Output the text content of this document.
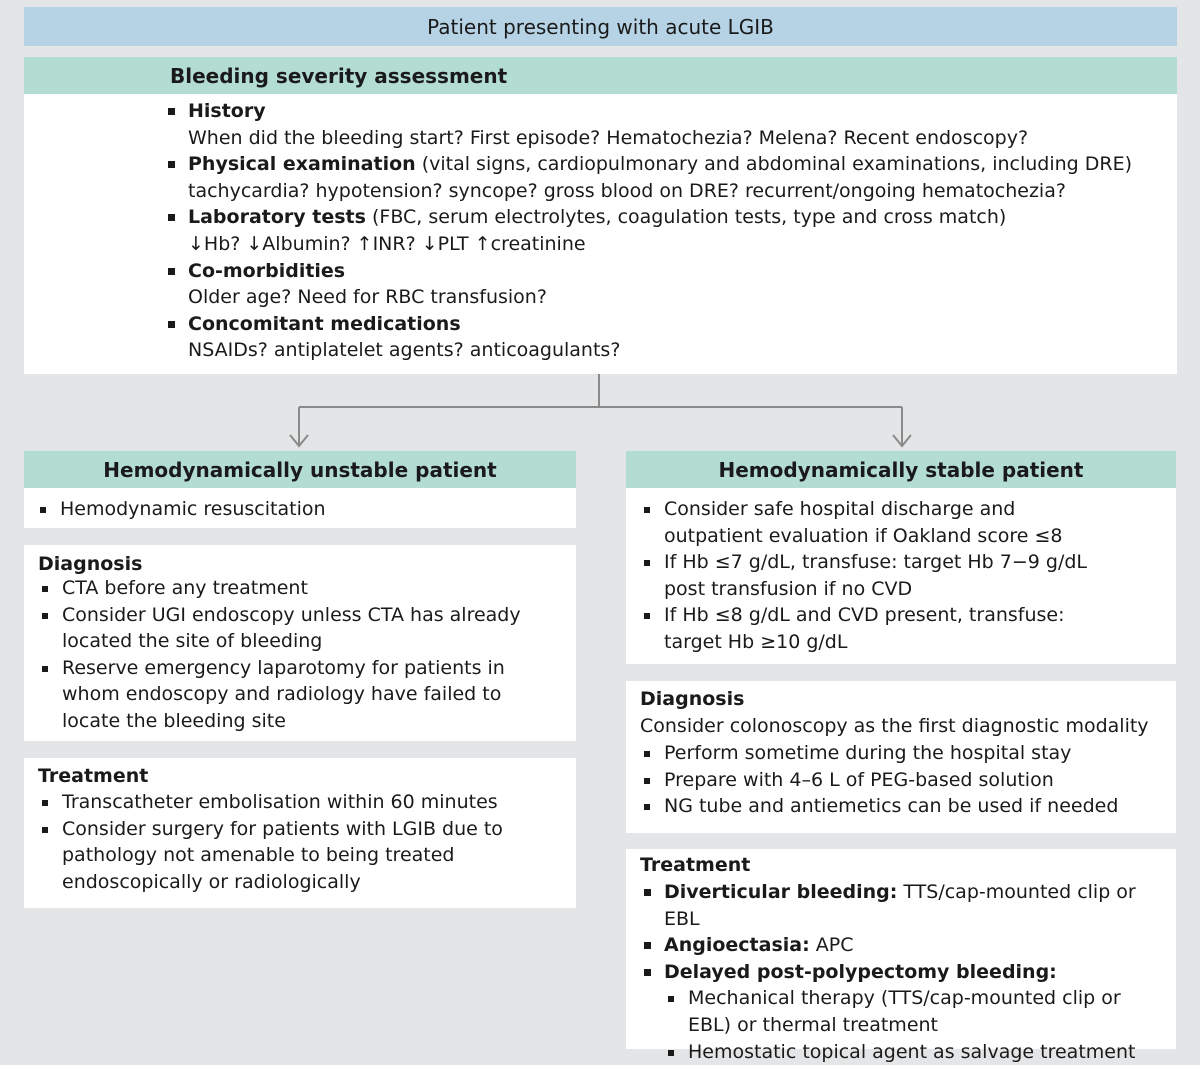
Patient presenting with acute LGIB
Bleeding severity assessment
History
When did the bleeding start? First episode? Hematochezia? Melena? Recent endoscopy?
Physical examination (vital signs, cardiopulmonary and abdominal examinations, including DRE)
tachycardia? hypotension? syncope? gross blood on DRE? recurrent/ongoing hematochezia?
Laboratory tests (FBC, serum electrolytes, coagulation tests, type and cross match)
↓Hb? ↓Albumin? ↑INR? ↓PLT ↑creatinine
Co-morbidities
Older age? Need for RBC transfusion?
Concomitant medications
NSAIDs? antiplatelet agents? anticoagulants?
Hemodynamically unstable patient
Hemodynamic resuscitation
Diagnosis
CTA before any treatment
Consider UGI endoscopy unless CTA has already located the site of bleeding
Reserve emergency laparotomy for patients in whom endoscopy and radiology have failed to locate the bleeding site
Treatment
Transcatheter embolisation within 60 minutes
Consider surgery for patients with LGIB due to pathology not amenable to being treated endoscopically or radiologically
Hemodynamically stable patient
Consider safe hospital discharge and outpatient evaluation if Oakland score ≤8
If Hb ≤7 g/dL, transfuse: target Hb 7−9 g/dL post transfusion if no CVD
If Hb ≤8 g/dL and CVD present, transfuse: target Hb ≥10 g/dL
Diagnosis
Consider colonoscopy as the first diagnostic modality
Perform sometime during the hospital stay
Prepare with 4–6 L of PEG-based solution
NG tube and antiemetics can be used if needed
Treatment
Diverticular bleeding: TTS/cap-mounted clip or EBL
Angioectasia: APC
Delayed post-polypectomy bleeding:
Mechanical therapy (TTS/cap-mounted clip or EBL) or thermal treatment
Hemostatic topical agent as salvage treatment
